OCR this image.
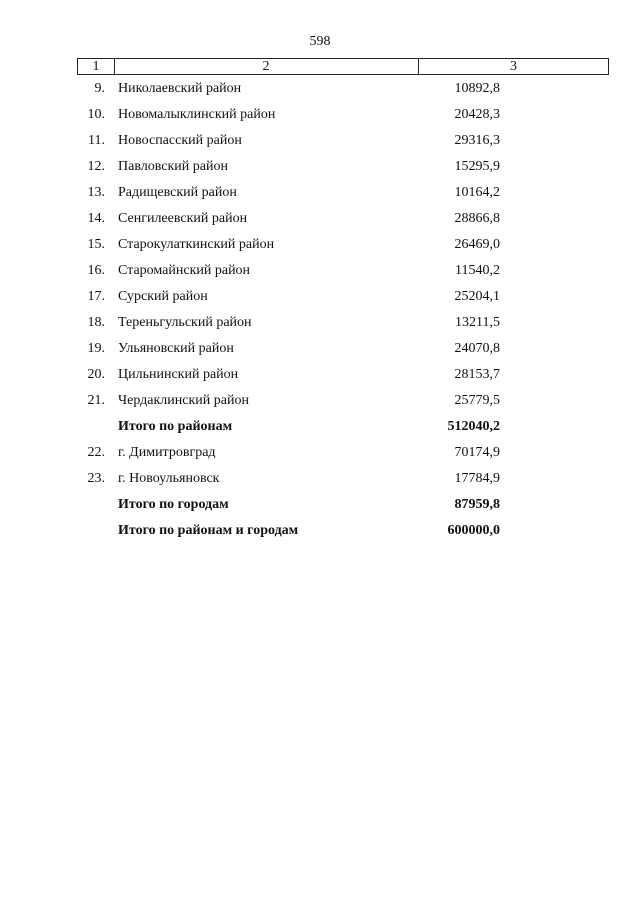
598
1	2	3
9. Николаевский район	10892,8
10. Новомалыклинский район	20428,3
11. Новоспасский район	29316,3
12. Павловский район	15295,9
13. Радищевский район	10164,2
14. Сенгилеевский район	28866,8
15. Старокулаткинский район	26469,0
16. Старомайнский район	11540,2
17. Сурский район	25204,1
18. Тереньгульский район	13211,5
19. Ульяновский район	24070,8
20. Цильнинский район	28153,7
21. Чердаклинский район	25779,5
Итого по районам	512040,2
22. г. Димитровград	70174,9
23. г. Новоульяновск	17784,9
Итого по городам	87959,8
Итого по районам и городам	600000,0
